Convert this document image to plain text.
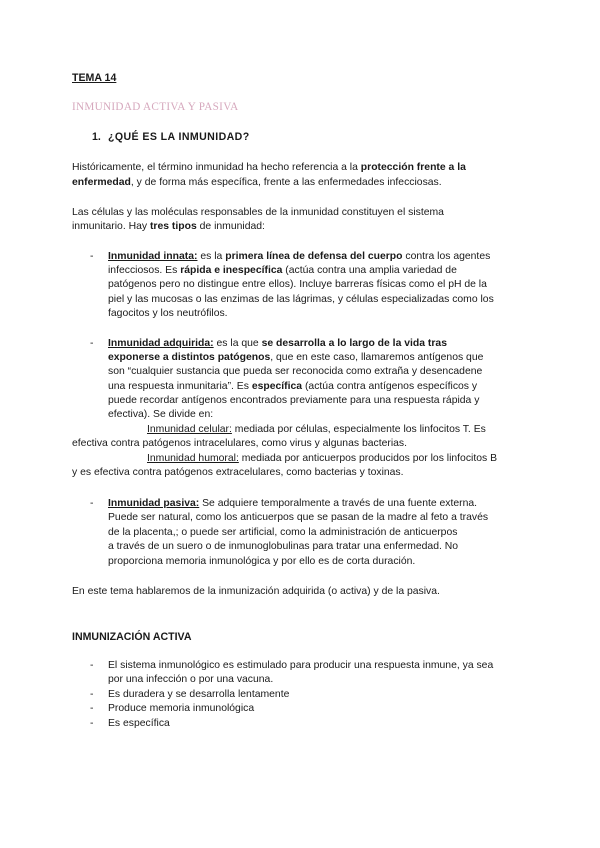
TEMA 14
INMUNIDAD ACTIVA Y PASIVA
1. ¿QUÉ ES LA INMUNIDAD?
Históricamente, el término inmunidad ha hecho referencia a la protección frente a la
enfermedad, y de forma más específica, frente a las enfermedades infecciosas.
Las células y las moléculas responsables de la inmunidad constituyen el sistema
inmunitario. Hay tres tipos de inmunidad:
- Inmunidad innata: es la primera línea de defensa del cuerpo contra los agentes
infecciosos. Es rápida e inespecífica (actúa contra una amplia variedad de
patógenos pero no distingue entre ellos). Incluye barreras físicas como el pH de la
piel y las mucosas o las enzimas de las lágrimas, y células especializadas como los
fagocitos y los neutrófilos.
- Inmunidad adquirida: es la que se desarrolla a lo largo de la vida tras
exponerse a distintos patógenos, que en este caso, llamaremos antígenos que
son “cualquier sustancia que pueda ser reconocida como extraña y desencadene
una respuesta inmunitaria”. Es específica (actúa contra antígenos específicos y
puede recordar antígenos encontrados previamente para una respuesta rápida y
efectiva). Se divide en:
Inmunidad celular: mediada por células, especialmente los linfocitos T. Es
efectiva contra patógenos intracelulares, como virus y algunas bacterias.
Inmunidad humoral: mediada por anticuerpos producidos por los linfocitos B
y es efectiva contra patógenos extracelulares, como bacterias y toxinas.
- Inmunidad pasiva: Se adquiere temporalmente a través de una fuente externa.
Puede ser natural, como los anticuerpos que se pasan de la madre al feto a través
de la placenta,; o puede ser artificial, como la administración de anticuerpos
a través de un suero o de inmunoglobulinas para tratar una enfermedad. No
proporciona memoria inmunológica y por ello es de corta duración.
En este tema hablaremos de la inmunización adquirida (o activa) y de la pasiva.
INMUNIZACIÓN ACTIVA
- El sistema inmunológico es estimulado para producir una respuesta inmune, ya sea
por una infección o por una vacuna.
- Es duradera y se desarrolla lentamente
- Produce memoria inmunológica
- Es específica
